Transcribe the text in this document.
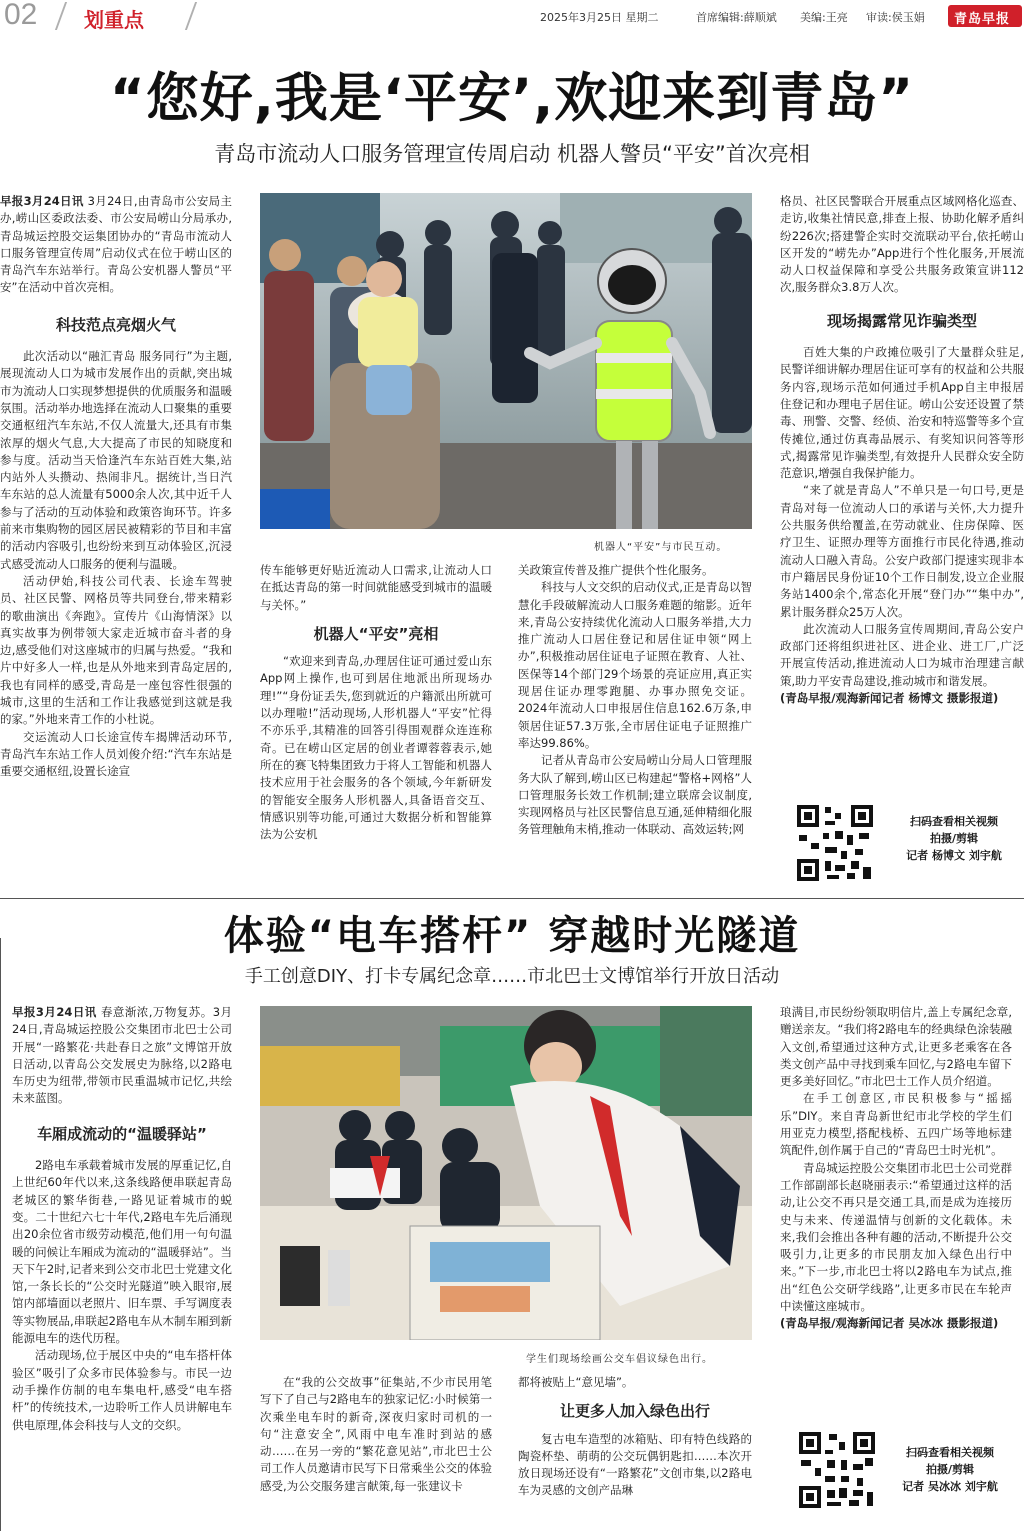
02 划重点	2025年3月25日 星期二	首席编辑:薛顺斌 美编:王亮 审读:侯玉娟 青岛早报
“您好,我是‘平安’,欢迎来到青岛”
青岛市流动人口服务管理宣传周启动 机器人警员“平安”首次亮相

早报3月24日讯 3月24日,由青岛市公安局主办,崂山区委政法委、市公安局崂山分局承办,青岛城运控股交运集团协办的“青岛市流动人口服务管理宣传周”启动仪式在位于崂山区的青岛汽车东站举行。青岛公安机器人警员“平安”在活动中首次亮相。

科技范点亮烟火气

此次活动以“融汇青岛 服务同行”为主题,展现流动人口为城市发展作出的贡献,突出城市为流动人口实现梦想提供的优质服务和温暖氛围。活动举办地选择在流动人口聚集的重要交通枢纽汽车东站,不仅人流量大,还具有市集浓厚的烟火气息,大大提高了市民的知晓度和参与度。活动当天恰逢汽车东站百姓大集,站内站外人头攒动、热闹非凡。据统计,当日汽车东站的总人流量有5000余人次,其中近千人参与了活动的互动体验和政策咨询环节。许多前来市集购物的园区居民被精彩的节目和丰富的活动内容吸引,也纷纷来到互动体验区,沉浸式感受流动人口服务的便利与温暖。

活动伊始,科技公司代表、长途车驾驶员、社区民警、网格员等共同登台,带来精彩的歌曲演出《奔跑》。宣传片《山海情深》以真实故事为例带领大家走近城市奋斗者的身边,感受他们对这座城市的归属与热爱。“我和片中好多人一样,也是从外地来到青岛定居的,我也有同样的感受,青岛是一座包容性很强的城市,这里的生活和工作让我感觉到这就是我的家。”外地来青工作的小杜说。

交运流动人口长途宣传车揭牌活动环节,青岛汽车东站工作人员刘俊介绍:“汽车东站是重要交通枢纽,设置长途宣

机器人“平安”与市民互动。

传车能够更好贴近流动人口需求,让流动人口在抵达青岛的第一时间就能感受到城市的温暖与关怀。”

机器人“平安”亮相

“欢迎来到青岛,办理居住证可通过爱山东App网上操作,也可到居住地派出所现场办理!”“身份证丢失,您到就近的户籍派出所就可以办理啦!”活动现场,人形机器人“平安”忙得不亦乐乎,其精准的回答引得围观群众连连称奇。已在崂山区定居的创业者谭蓉蓉表示,她所在的赛飞特集团致力于将人工智能和机器人技术应用于社会服务的各个领域,今年新研发的智能安全服务人形机器人,具备语音交互、情感识别等功能,可通过大数据分析和智能算法为公安机

关政策宣传普及推广提供个性化服务。

科技与人文交织的启动仪式,正是青岛以智慧化手段破解流动人口服务难题的缩影。近年来,青岛公安持续优化流动人口服务举措,大力推广流动人口居住登记和居住证申领“网上办”,积极推动居住证电子证照在教育、人社、医保等14个部门29个场景的亮证应用,真正实现居住证办理零跑腿、办事办照免交证。2024年流动人口申报居住信息162.6万条,申领居住证57.3万张,全市居住证电子证照推广率达99.86%。

记者从青岛市公安局崂山分局人口管理服务大队了解到,崂山区已构建起“警格+网格”人口管理服务长效工作机制;建立联席会议制度,实现网格员与社区民警信息互通,延伸精细化服务管理触角末梢,推动一体联动、高效运转;网

格员、社区民警联合开展重点区域网格化巡查、走访,收集社情民意,排查上报、协助化解矛盾纠纷226次;搭建警企实时交流联动平台,依托崂山区开发的“崂先办”App进行个性化服务,开展流动人口权益保障和享受公共服务政策宣讲112次,服务群众3.8万人次。

现场揭露常见诈骗类型

百姓大集的户政摊位吸引了大量群众驻足,民警详细讲解办理居住证可享有的权益和公共服务内容,现场示范如何通过手机App自主申报居住登记和办理电子居住证。崂山公安还设置了禁毒、刑警、交警、经侦、治安和特巡警等多个宣传摊位,通过仿真毒品展示、有奖知识问答等形式,揭露常见诈骗类型,有效提升人民群众安全防范意识,增强自我保护能力。

“来了就是青岛人”不单只是一句口号,更是青岛对每一位流动人口的承诺与关怀,大力提升公共服务供给覆盖,在劳动就业、住房保障、医疗卫生、证照办理等方面推行市民化待遇,推动流动人口融入青岛。公安户政部门提速实现非本市户籍居民身份证10个工作日制发,设立企业服务站1400余个,常态化开展“登门办”“集中办”,累计服务群众25万人次。

此次流动人口服务宣传周期间,青岛公安户政部门还将组织进社区、进企业、进工厂,广泛开展宣传活动,推进流动人口为城市治理建言献策,助力平安青岛建设,推动城市和谐发展。

(青岛早报/观海新闻记者 杨博文 摄影报道)

扫码查看相关视频
拍摄/剪辑
记者 杨博文 刘宇航
体验“电车搭杆” 穿越时光隧道
手工创意DIY、打卡专属纪念章……市北巴士文博馆举行开放日活动

早报3月24日讯 春意渐浓,万物复苏。3月24日,青岛城运控股公交集团市北巴士公司开展“一路繁花·共赴春日之旅”文博馆开放日活动,以青岛公交发展史为脉络,以2路电车历史为纽带,带领市民重温城市记忆,共绘未来蓝图。

车厢成流动的“温暖驿站”

2路电车承载着城市发展的厚重记忆,自上世纪60年代以来,这条线路便串联起青岛老城区的繁华街巷,一路见证着城市的蜕变。二十世纪六七十年代,2路电车先后涌现出20余位省市级劳动模范,他们用一句句温暖的问候让车厢成为流动的“温暖驿站”。当天下午2时,记者来到公交市北巴士党建文化馆,一条长长的“公交时光隧道”映入眼帘,展馆内部墙面以老照片、旧车票、手写调度表等实物展品,串联起2路电车从木制车厢到新能源电车的迭代历程。

活动现场,位于展区中央的“电车搭杆体验区”吸引了众多市民体验参与。市民一边动手操作仿制的电车集电杆,感受“电车搭杆”的传统技术,一边聆听工作人员讲解电车供电原理,体会科技与人文的交织。

学生们现场绘画公交车倡议绿色出行。

在“我的公交故事”征集站,不少市民用笔写下了自己与2路电车的独家记忆:小时候第一次乘坐电车时的新奇,深夜归家时司机的一句“注意安全”,风雨中电车准时到站的感动……在另一旁的“繁花意见站”,市北巴士公司工作人员邀请市民写下日常乘坐公交的体验感受,为公交服务建言献策,每一张建议卡

都将被贴上“意见墙”。

让更多人加入绿色出行

复古电车造型的冰箱贴、印有特色线路的陶瓷杯垫、萌萌的公交玩偶钥匙扣……本次开放日现场还设有“一路繁花”文创市集,以2路电车为灵感的文创产品琳

琅满目,市民纷纷领取明信片,盖上专属纪念章,赠送亲友。“我们将2路电车的经典绿色涂装融入文创,希望通过这种方式,让更多老乘客在各类文创产品中寻找到乘车回忆,与2路电车留下更多美好回忆。”市北巴士工作人员介绍道。

在手工创意区,市民积极参与“摇摇乐”DIY。来自青岛新世纪市北学校的学生们用亚克力模型,搭配栈桥、五四广场等地标建筑配件,创作属于自己的“青岛巴士时光机”。

青岛城运控股公交集团市北巴士公司党群工作部副部长赵晓丽表示:“希望通过这样的活动,让公交不再只是交通工具,而是成为连接历史与未来、传递温情与创新的文化载体。未来,我们会推出各种有趣的活动,不断提升公交吸引力,让更多的市民朋友加入绿色出行中来。”下一步,市北巴士将以2路电车为试点,推出“红色公交研学线路”,让更多市民在车轮声中读懂这座城市。

(青岛早报/观海新闻记者 吴冰冰 摄影报道)

扫码查看相关视频
拍摄/剪辑
记者 吴冰冰 刘宇航
